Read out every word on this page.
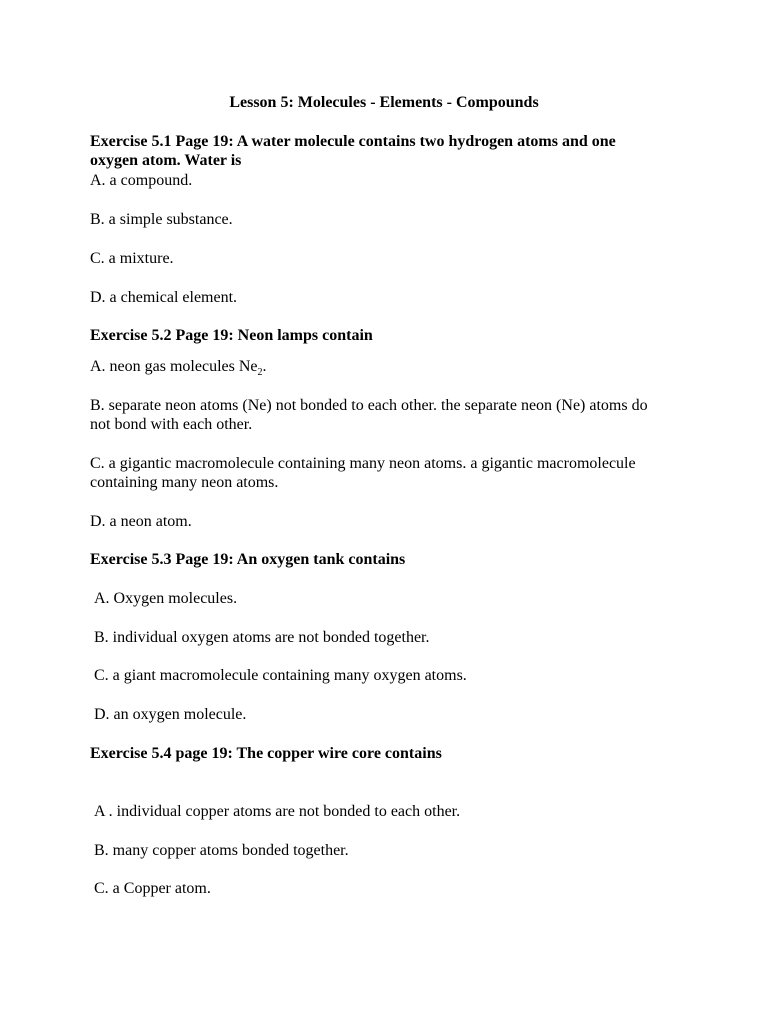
Lesson 5: Molecules - Elements - Compounds

Exercise 5.1 Page 19: A water molecule contains two hydrogen atoms and one oxygen atom. Water is

A. a compound.

B. a simple substance.

C. a mixture.

D. a chemical element.

Exercise 5.2 Page 19: Neon lamps contain

A. neon gas molecules $Ne_2$.

B. separate neon atoms (Ne) not bonded to each other. the separate neon (Ne) atoms do not bond with each other.

C. a gigantic macromolecule containing many neon atoms. a gigantic macromolecule containing many neon atoms.

D. a neon atom.

Exercise 5.3 Page 19: An oxygen tank contains

A. Oxygen molecules.

B. individual oxygen atoms are not bonded together.

C. a giant macromolecule containing many oxygen atoms.

D. an oxygen molecule.

Exercise 5.4 page 19: The copper wire core contains

A . individual copper atoms are not bonded to each other.

B. many copper atoms bonded together.

C. a Copper atom.
